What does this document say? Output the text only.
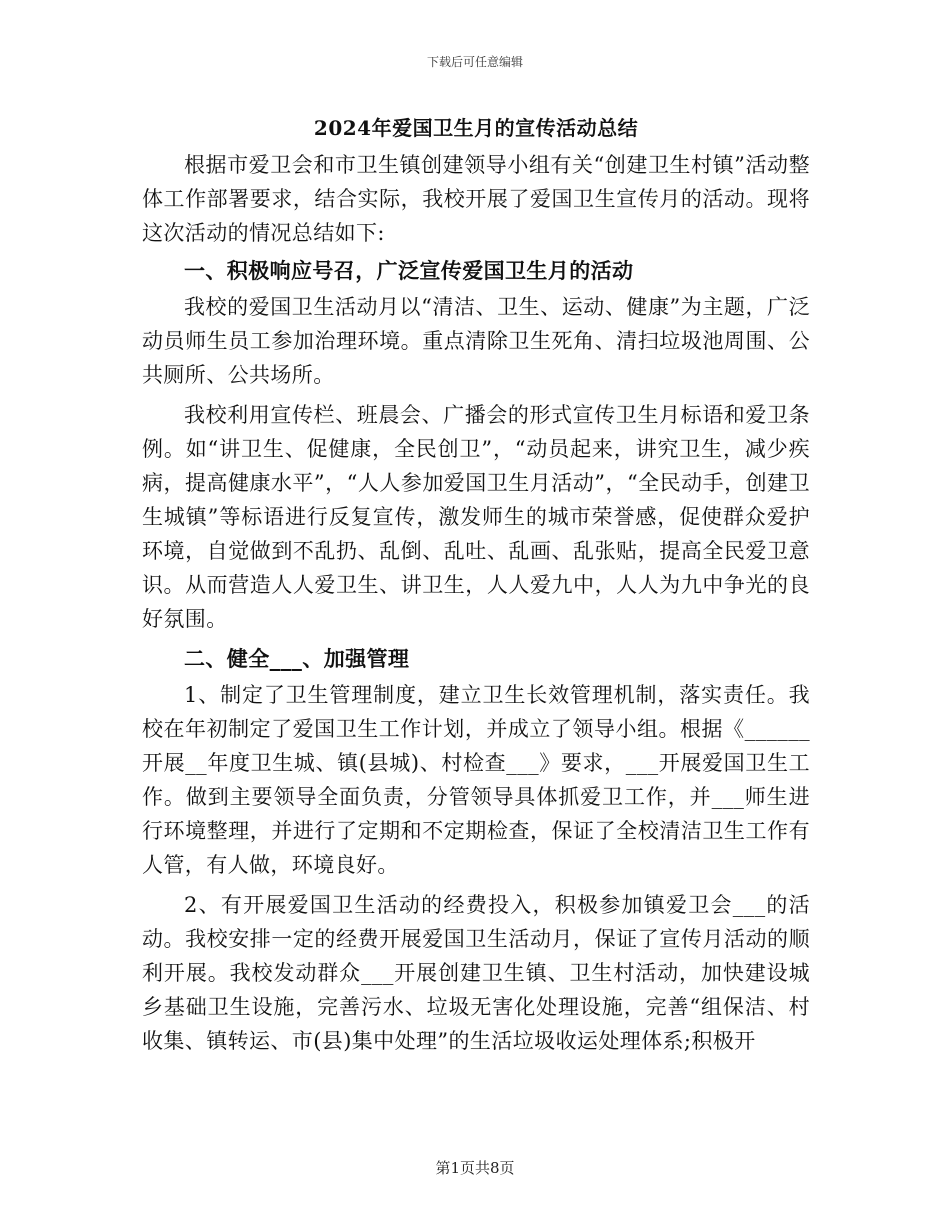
下载后可任意编辑
2024年爱国卫生月的宣传活动总结

根据市爱卫会和市卫生镇创建领导小组有关“创建卫生村镇”活动整体工作部署要求，结合实际，我校开展了爱国卫生宣传月的活动。现将这次活动的情况总结如下:

一、积极响应号召，广泛宣传爱国卫生月的活动

我校的爱国卫生活动月以“清洁、卫生、运动、健康”为主题，广泛动员师生员工参加治理环境。重点清除卫生死角、清扫垃圾池周围、公共厕所、公共场所。

我校利用宣传栏、班晨会、广播会的形式宣传卫生月标语和爱卫条例。如“讲卫生、促健康，全民创卫”，“动员起来，讲究卫生，减少疾病，提高健康水平”，“人人参加爱国卫生月活动”，“全民动手，创建卫生城镇”等标语进行反复宣传，激发师生的城市荣誉感，促使群众爱护环境，自觉做到不乱扔、乱倒、乱吐、乱画、乱张贴，提高全民爱卫意识。从而营造人人爱卫生、讲卫生，人人爱九中，人人为九中争光的良好氛围。

二、健全___、加强管理

1、制定了卫生管理制度，建立卫生长效管理机制，落实责任。我校在年初制定了爱国卫生工作计划，并成立了领导小组。根据《______开展__年度卫生城、镇(县城)、村检查___》要求，___开展爱国卫生工作。做到主要领导全面负责，分管领导具体抓爱卫工作，并___师生进行环境整理，并进行了定期和不定期检查，保证了全校清洁卫生工作有人管，有人做，环境良好。

2、有开展爱国卫生活动的经费投入，积极参加镇爱卫会___的活动。我校安排一定的经费开展爱国卫生活动月，保证了宣传月活动的顺利开展。我校发动群众___开展创建卫生镇、卫生村活动，加快建设城乡基础卫生设施，完善污水、垃圾无害化处理设施，完善“组保洁、村收集、镇转运、市(县)集中处理”的生活垃圾收运处理体系;积极开

第1页共8页
